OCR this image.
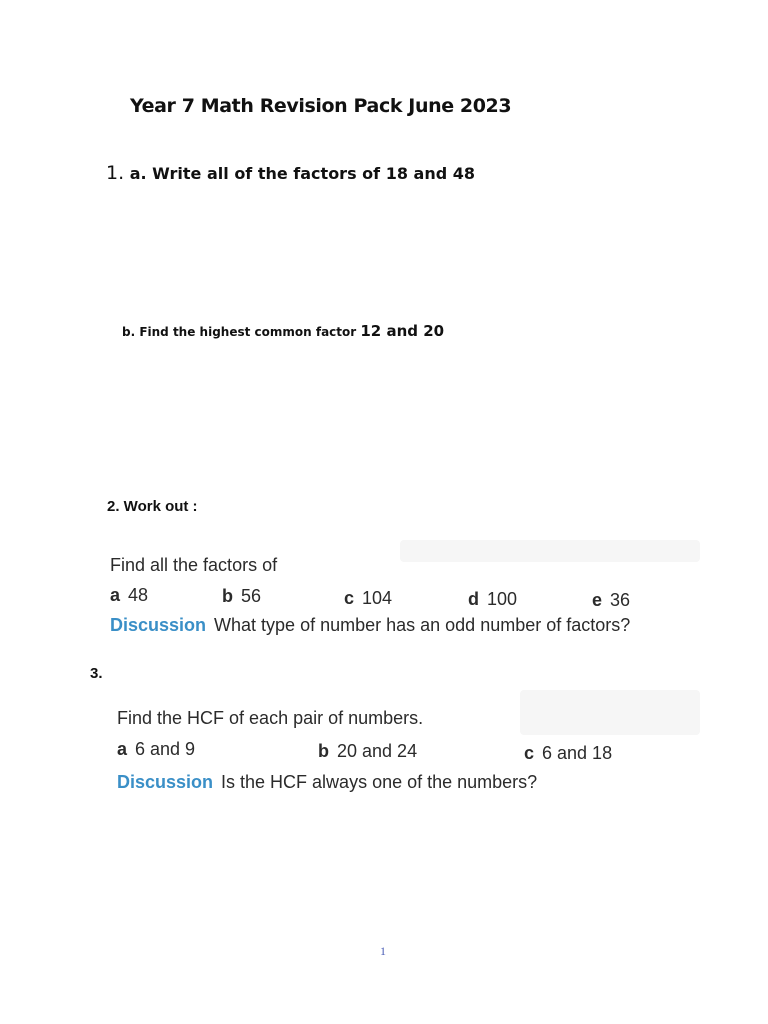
Year 7 Math Revision Pack June 2023
1. a. Write all of the factors of 18 and 48
b. Find the highest common factor 12 and 20
2. Work out :
Find all the factors of
a 48	b 56	c 104	d 100	e 36
Discussion What type of number has an odd number of factors?
3.
Find the HCF of each pair of numbers.
a 6 and 9	b 20 and 24	c 6 and 18
Discussion Is the HCF always one of the numbers?
1
